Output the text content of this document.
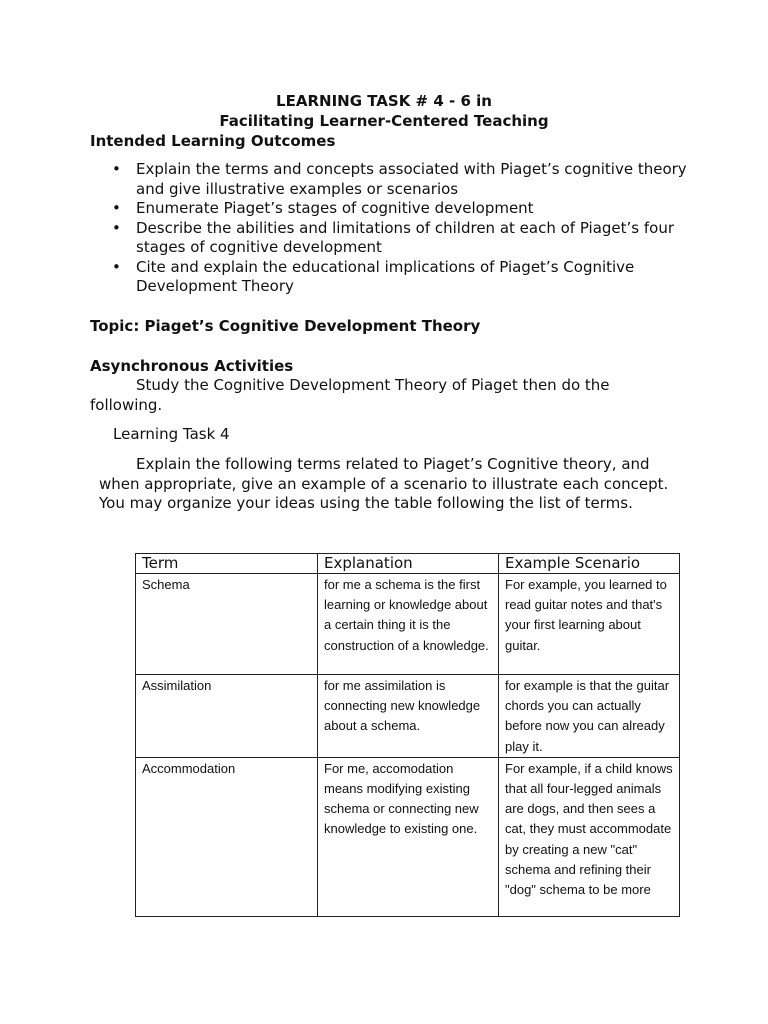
LEARNING TASK # 4 - 6 in
Facilitating Learner-Centered Teaching
Intended Learning Outcomes
• Explain the terms and concepts associated with Piaget’s cognitive theory and give illustrative examples or scenarios
• Enumerate Piaget’s stages of cognitive development
• Describe the abilities and limitations of children at each of Piaget’s four stages of cognitive development
• Cite and explain the educational implications of Piaget’s Cognitive Development Theory
Topic: Piaget’s Cognitive Development Theory
Asynchronous Activities
Study the Cognitive Development Theory of Piaget then do the following.
Learning Task 4
Explain the following terms related to Piaget’s Cognitive theory, and when appropriate, give an example of a scenario to illustrate each concept. You may organize your ideas using the table following the list of terms.
Term	Explanation	Example Scenario
Schema	for me a schema is the first learning or knowledge about a certain thing it is the construction of a knowledge.	For example, you learned to read guitar notes and that's your first learning about guitar.
Assimilation	for me assimilation is connecting new knowledge about a schema.	for example is that the guitar chords you can actually before now you can already play it.
Accommodation	For me, accomodation means modifying existing schema or connecting new knowledge to existing one.	For example, if a child knows that all four-legged animals are dogs, and then sees a cat, they must accommodate by creating a new "cat" schema and refining their "dog" schema to be more
